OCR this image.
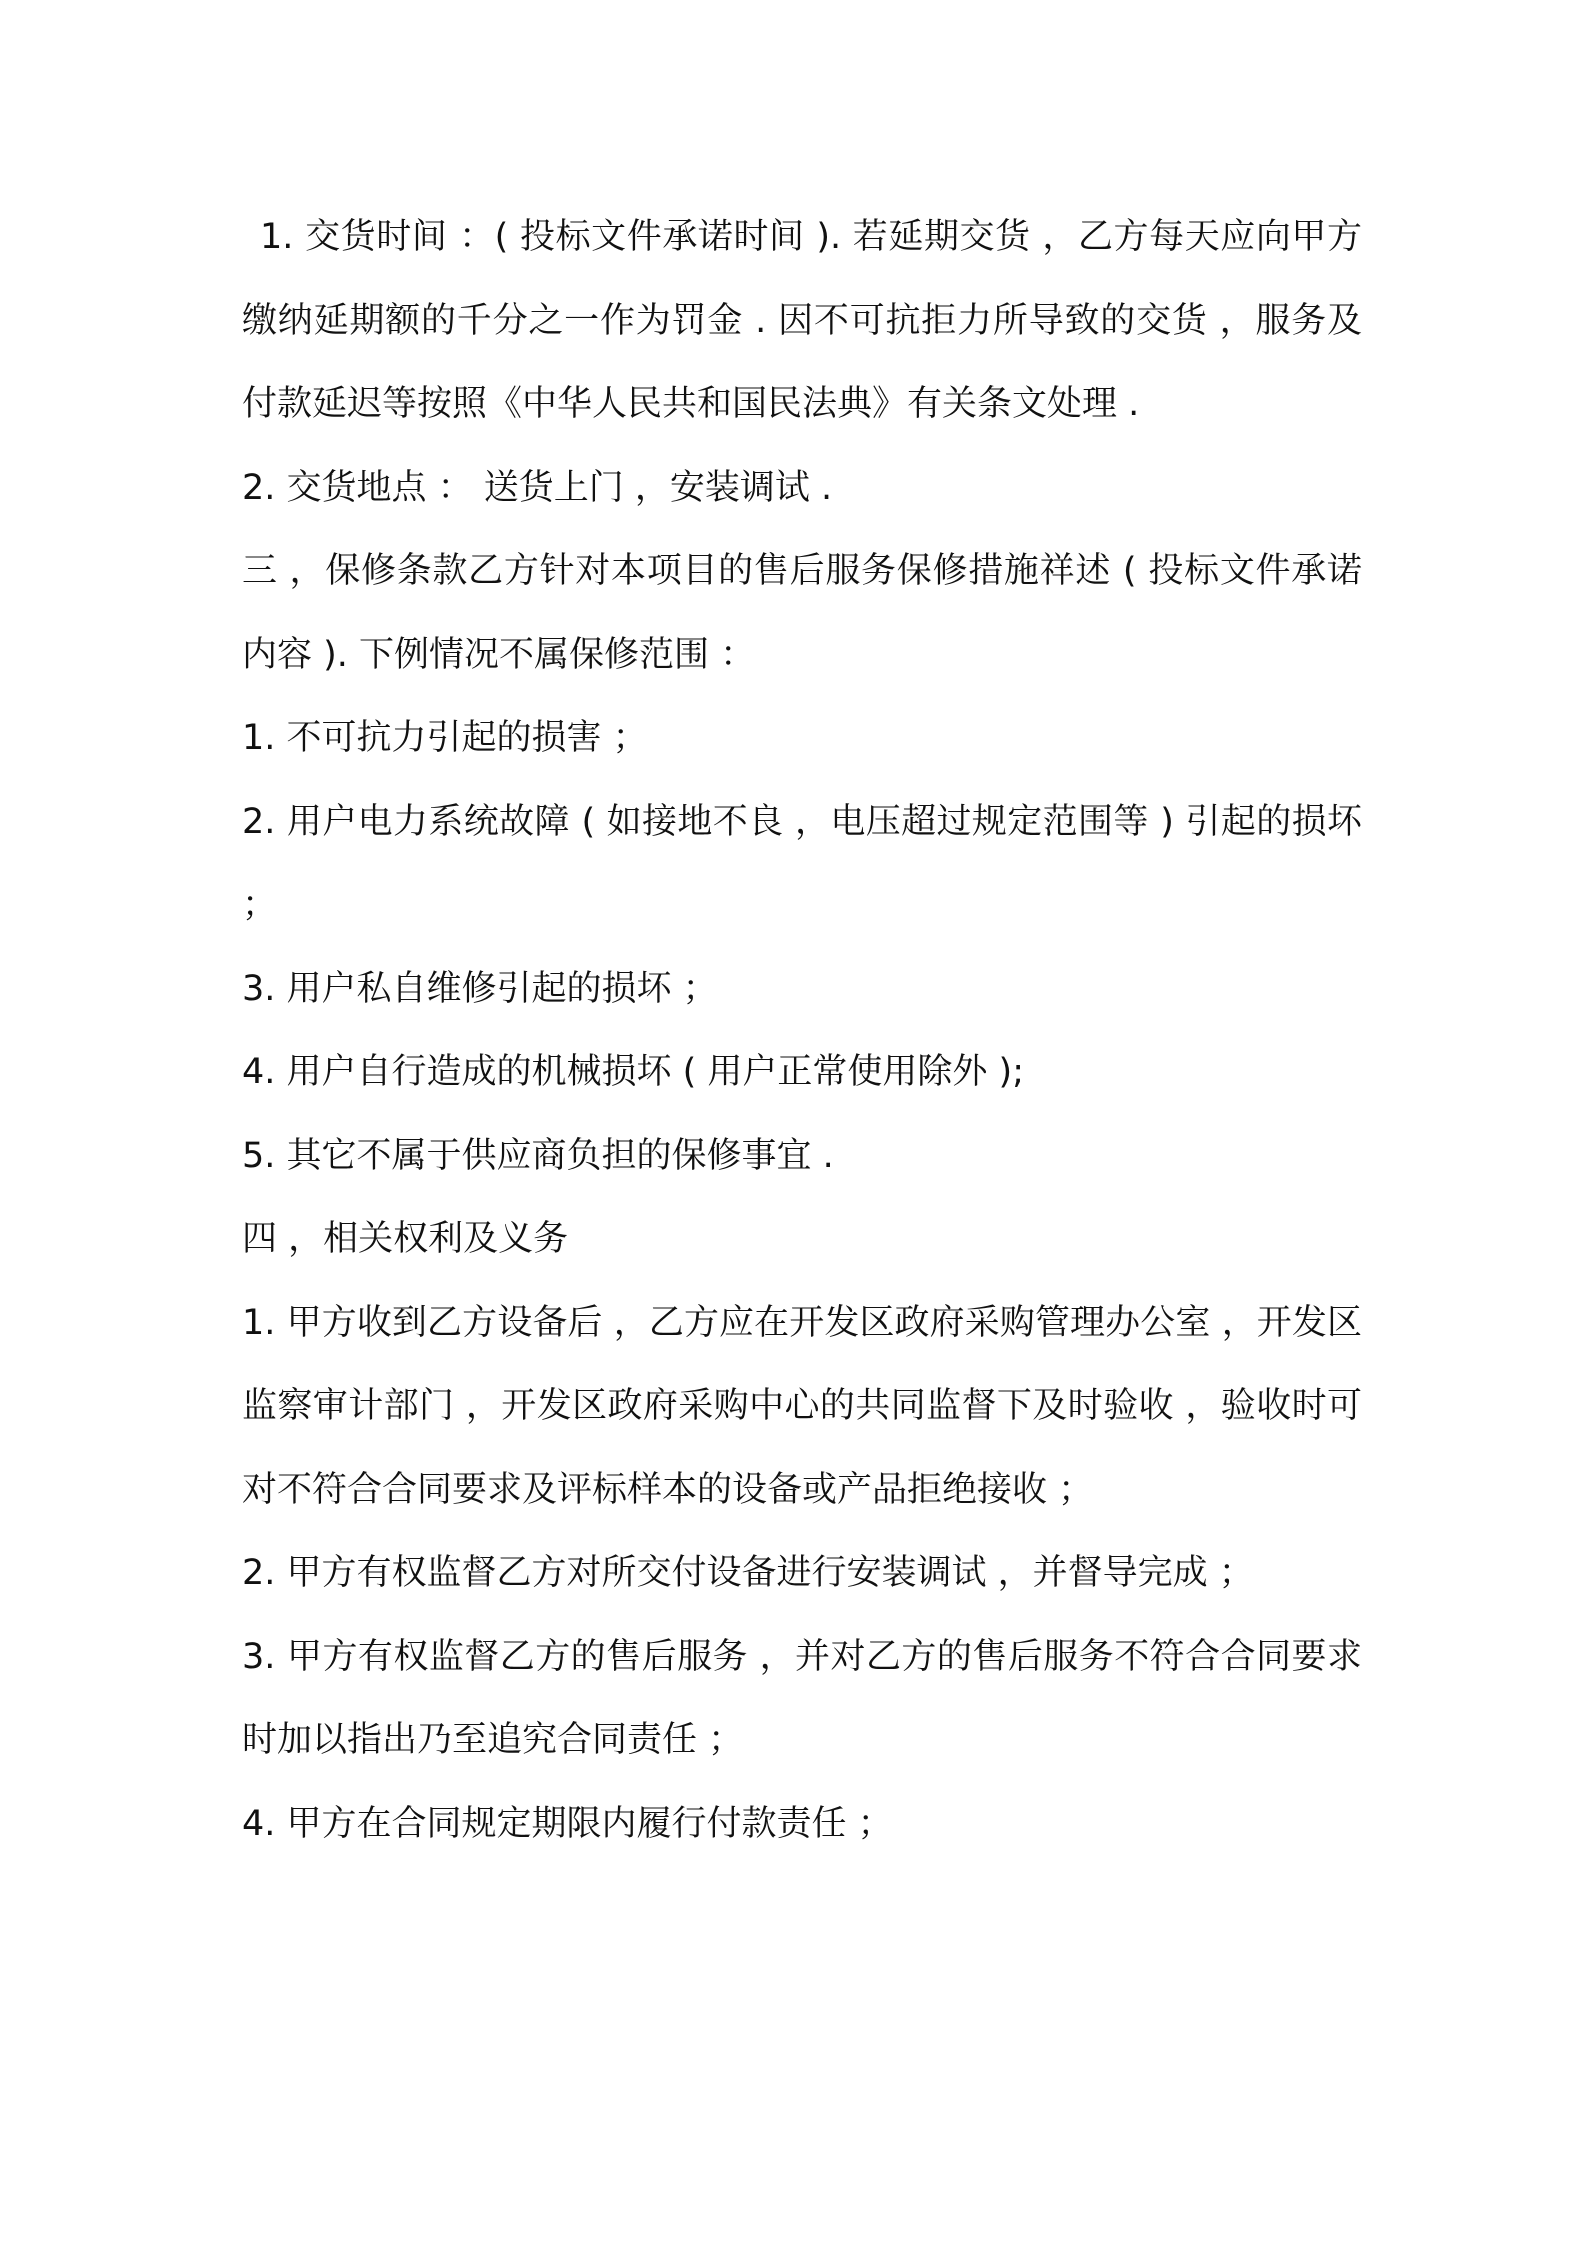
1. 交货时间 ：( 投标文件承诺时间 ). 若延期交货 ，乙方每天应向甲方缴纳延期额的千分之一作为罚金 . 因不可抗拒力所导致的交货 ，服务及付款延迟等按照《中华人民共和国民法典》有关条文处理 .

2. 交货地点 ： 送货上门 ，安装调试 .

三 ，保修条款乙方针对本项目的售后服务保修措施祥述 ( 投标文件承诺内容 ). 下例情况不属保修范围 ：

1. 不可抗力引起的损害 ；

2. 用户电力系统故障 ( 如接地不良 ，电压超过规定范围等 ) 引起的损坏 ；

3. 用户私自维修引起的损坏 ；

4. 用户自行造成的机械损坏 ( 用户正常使用除外 );

5. 其它不属于供应商负担的保修事宜 .

四 ，相关权利及义务

1. 甲方收到乙方设备后 ，乙方应在开发区政府采购管理办公室 ，开发区监察审计部门 ，开发区政府采购中心的共同监督下及时验收 ，验收时可对不符合合同要求及评标样本的设备或产品拒绝接收 ；

2. 甲方有权监督乙方对所交付设备进行安装调试 ，并督导完成 ；

3. 甲方有权监督乙方的售后服务 ，并对乙方的售后服务不符合合同要求时加以指出乃至追究合同责任 ；

4. 甲方在合同规定期限内履行付款责任 ；
